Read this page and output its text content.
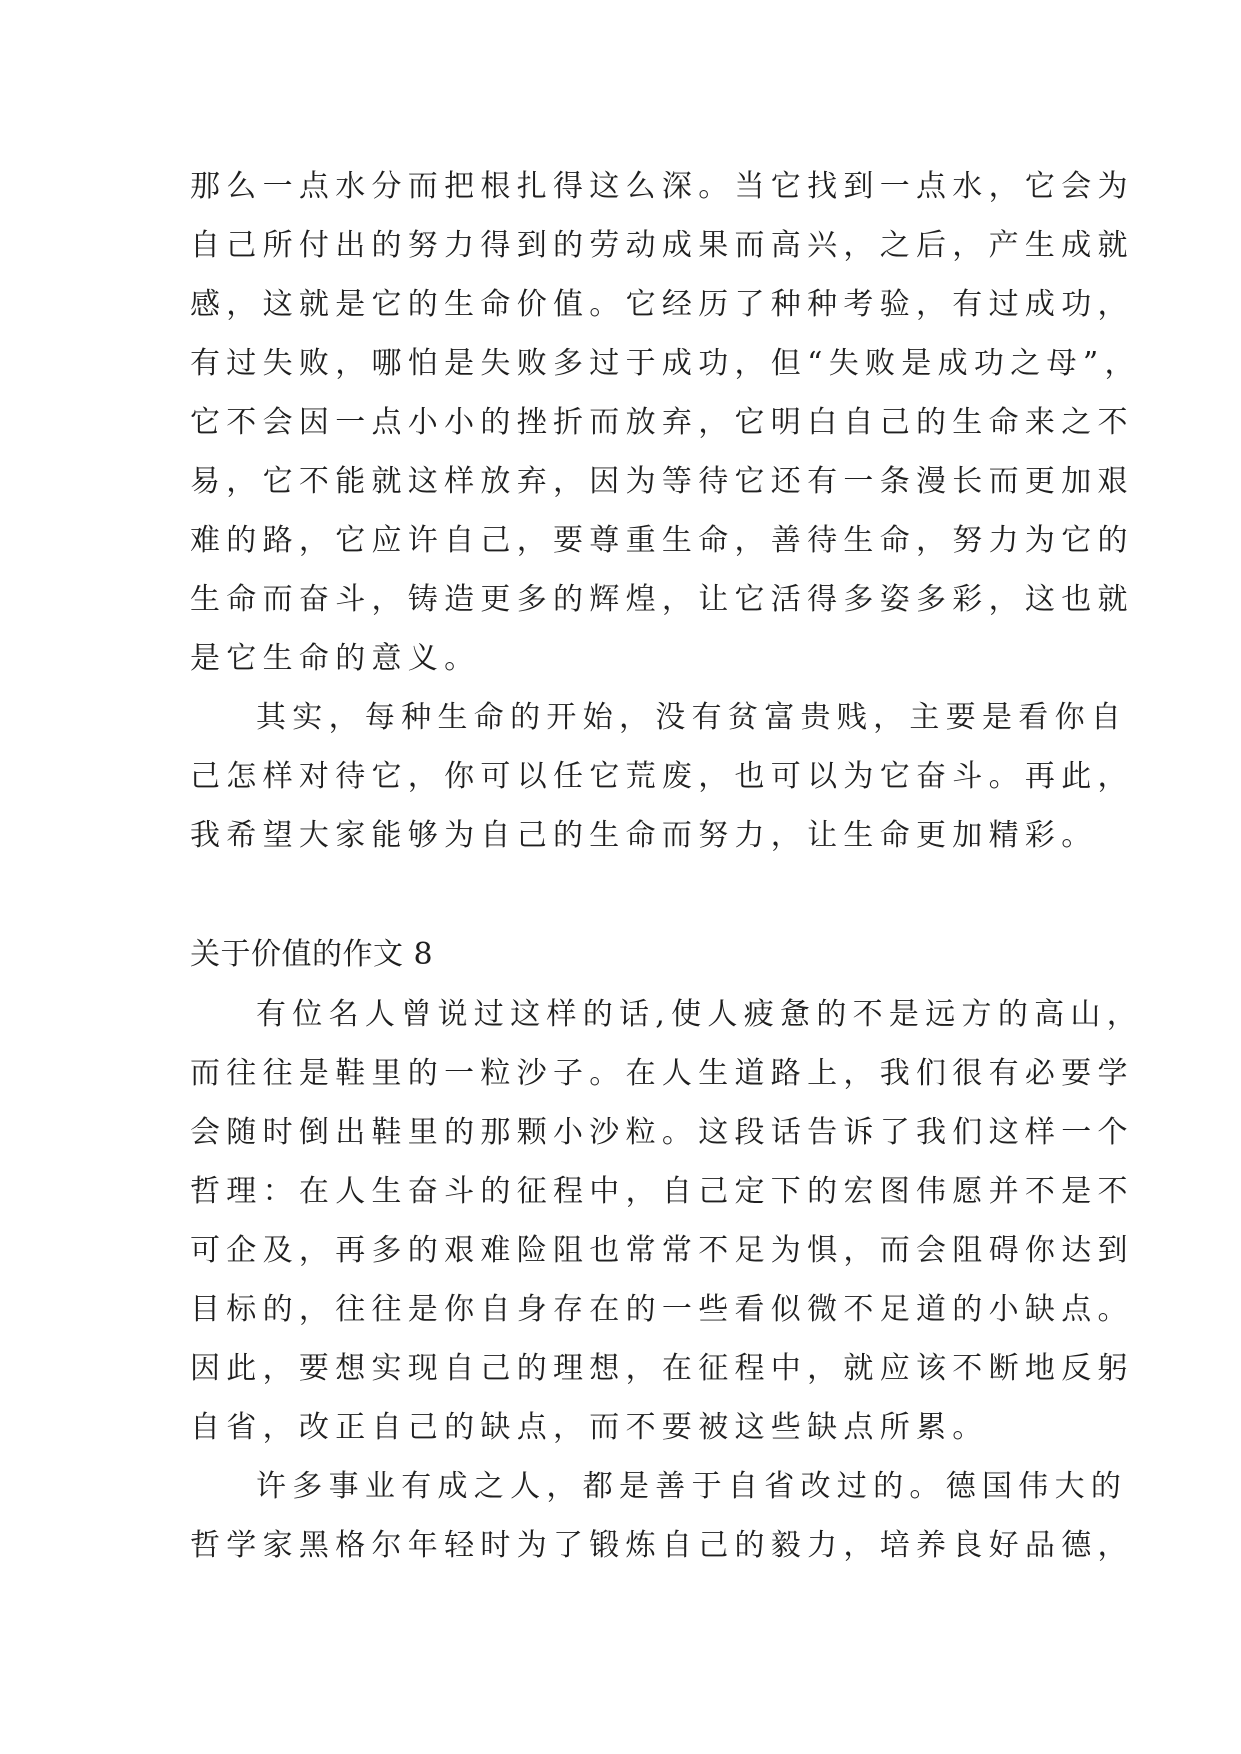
那么一点水分而把根扎得这么深。当它找到一点水，它会为
自己所付出的努力得到的劳动成果而高兴，之后，产生成就
感，这就是它的生命价值。它经历了种种考验，有过成功，
有过失败，哪怕是失败多过于成功，但“失败是成功之母”，
它不会因一点小小的挫折而放弃，它明白自己的生命来之不
易，它不能就这样放弃，因为等待它还有一条漫长而更加艰
难的路，它应许自己，要尊重生命，善待生命，努力为它的
生命而奋斗，铸造更多的辉煌，让它活得多姿多彩，这也就
是它生命的意义。
其实，每种生命的开始，没有贫富贵贱，主要是看你自
己怎样对待它，你可以任它荒废，也可以为它奋斗。再此，
我希望大家能够为自己的生命而努力，让生命更加精彩。
关于价值的作文 8
有位名人曾说过这样的话,使人疲惫的不是远方的高山，
而往往是鞋里的一粒沙子。在人生道路上，我们很有必要学
会随时倒出鞋里的那颗小沙粒。这段话告诉了我们这样一个
哲理：在人生奋斗的征程中，自己定下的宏图伟愿并不是不
可企及，再多的艰难险阻也常常不足为惧，而会阻碍你达到
目标的，往往是你自身存在的一些看似微不足道的小缺点。
因此，要想实现自己的理想，在征程中，就应该不断地反躬
自省，改正自己的缺点，而不要被这些缺点所累。
许多事业有成之人，都是善于自省改过的。德国伟大的
哲学家黑格尔年轻时为了锻炼自己的毅力，培养良好品德，
